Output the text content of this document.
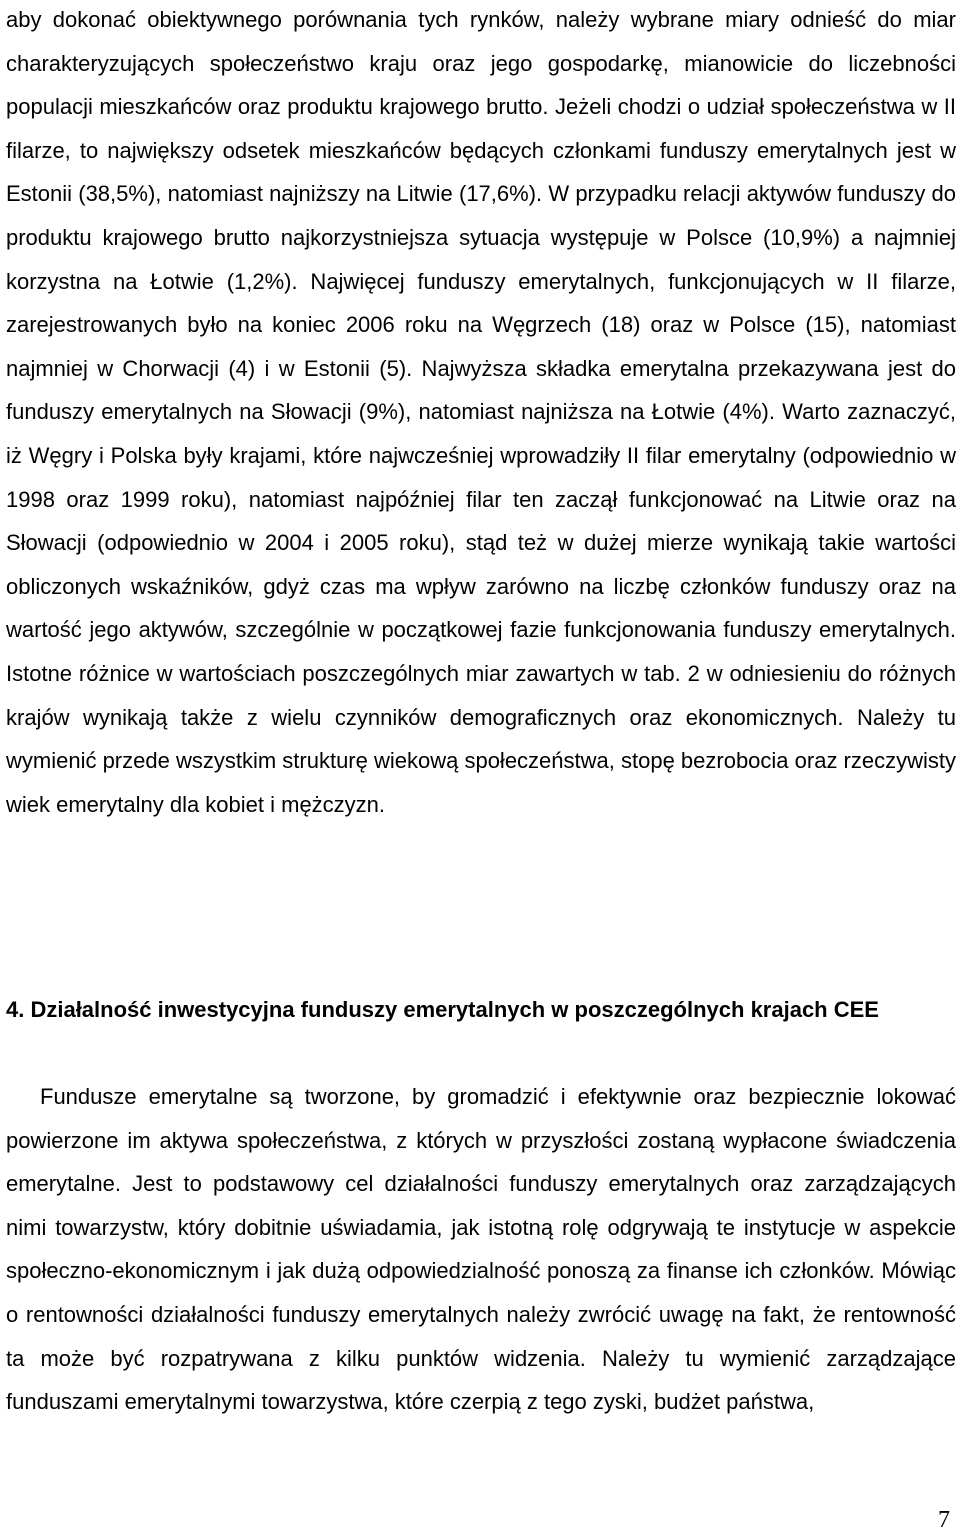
aby dokonać obiektywnego porównania tych rynków, należy wybrane miary odnieść do miar charakteryzujących społeczeństwo kraju oraz jego gospodarkę, mianowicie do liczebności populacji mieszkańców oraz produktu krajowego brutto. Jeżeli chodzi o udział społeczeństwa w II filarze, to największy odsetek mieszkańców będących członkami funduszy emerytalnych jest w Estonii (38,5%), natomiast najniższy na Litwie (17,6%). W przypadku relacji aktywów funduszy do produktu krajowego brutto najkorzystniejsza sytuacja występuje w Polsce (10,9%) a najmniej korzystna na Łotwie (1,2%). Najwięcej funduszy emerytalnych, funkcjonujących w II filarze, zarejestrowanych było na koniec 2006 roku na Węgrzech (18) oraz w Polsce (15), natomiast najmniej w Chorwacji (4) i w Estonii (5). Najwyższa składka emerytalna przekazywana jest do funduszy emerytalnych na Słowacji (9%), natomiast najniższa na Łotwie (4%). Warto zaznaczyć, iż Węgry i Polska były krajami, które najwcześniej wprowadziły II filar emerytalny (odpowiednio w 1998 oraz 1999 roku), natomiast najpóźniej filar ten zaczął funkcjonować na Litwie oraz na Słowacji (odpowiednio w 2004 i 2005 roku), stąd też w dużej mierze wynikają takie wartości obliczonych wskaźników, gdyż czas ma wpływ zarówno na liczbę członków funduszy oraz na wartość jego aktywów, szczególnie w początkowej fazie funkcjonowania funduszy emerytalnych. Istotne różnice w wartościach poszczególnych miar zawartych w tab. 2 w odniesieniu do różnych krajów wynikają także z wielu czynników demograficznych oraz ekonomicznych. Należy tu wymienić przede wszystkim strukturę wiekową społeczeństwa, stopę bezrobocia oraz rzeczywisty wiek emerytalny dla kobiet i mężczyzn.

4. Działalność inwestycyjna funduszy emerytalnych w poszczególnych krajach CEE

Fundusze emerytalne są tworzone, by gromadzić i efektywnie oraz bezpiecznie lokować powierzone im aktywa społeczeństwa, z których w przyszłości zostaną wypłacone świadczenia emerytalne. Jest to podstawowy cel działalności funduszy emerytalnych oraz zarządzających nimi towarzystw, który dobitnie uświadamia, jak istotną rolę odgrywają te instytucje w aspekcie społeczno-ekonomicznym i jak dużą odpowiedzialność ponoszą za finanse ich członków. Mówiąc o rentowności działalności funduszy emerytalnych należy zwrócić uwagę na fakt, że rentowność ta może być rozpatrywana z kilku punktów widzenia. Należy tu wymienić zarządzające funduszami emerytalnymi towarzystwa, które czerpią z tego zyski, budżet państwa,

7
